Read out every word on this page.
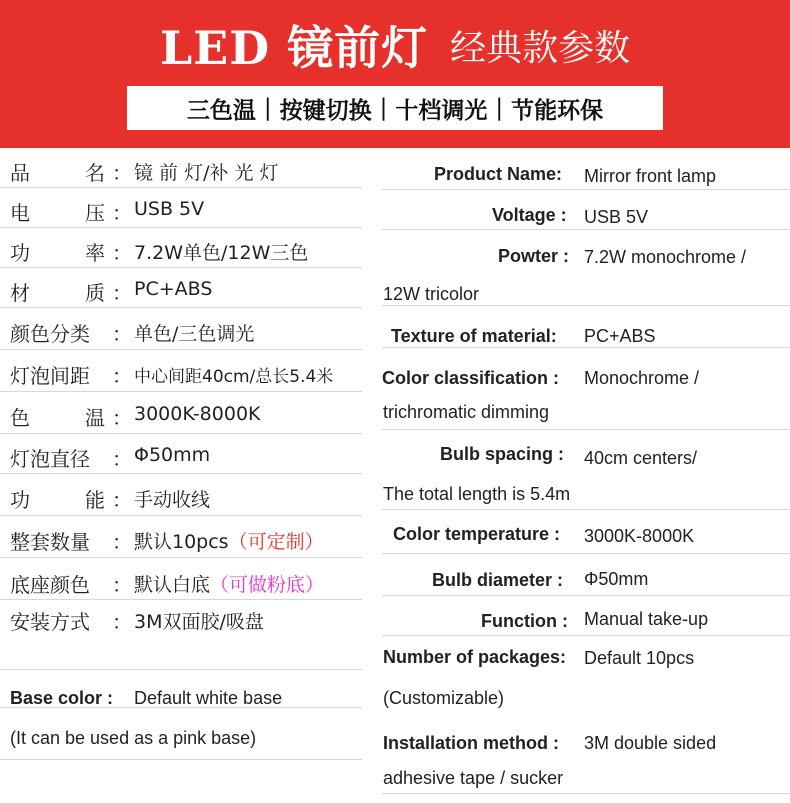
LED 镜前灯 经典款参数
三色温 | 按键切换 | 十档调光 | 节能环保
品	名 ： 镜 前 灯/补 光 灯
电	压 ： USB 5V
功	率 ： 7.2W单色/12W三色
材	质 ： PC+ABS
颜色分类 ： 单色/三色调光
灯泡间距 ： 中心间距40cm/总长5.4米
色	温 ： 3000K-8000K
灯泡直径 ： Φ50mm
功	能 ： 手动收线
整套数量 ： 默认10pcs（可定制）
底座颜色 ： 默认白底（可做粉底）
安装方式 ： 3M双面胶/吸盘
Base color : Default white base
(It can be used as a pink base)
Product Name: Mirror front lamp
Voltage : USB 5V
Powter : 7.2W monochrome /
12W tricolor
Texture of material: PC+ABS
Color classification : Monochrome /
trichromatic dimming
Bulb spacing : 40cm centers/
The total length is 5.4m
Color temperature : 3000K-8000K
Bulb diameter : Φ50mm
Function : Manual take-up
Number of packages: Default 10pcs
(Customizable)
Installation method : 3M double sided
adhesive tape / sucker
